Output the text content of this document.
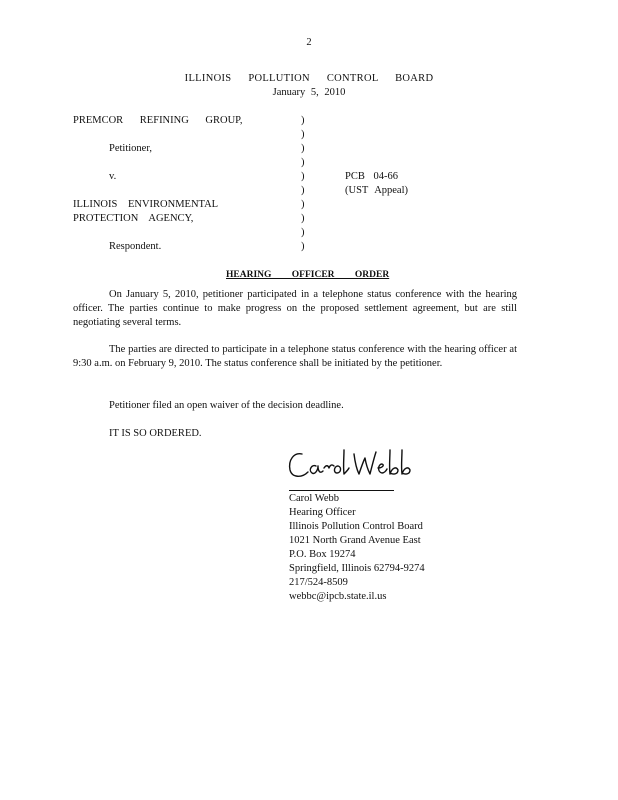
2
ILLINOIS POLLUTION CONTROL BOARD
January 5, 2010
PREMCOR REFINING GROUP,
Petitioner,
v.
ILLINOIS ENVIRONMENTAL
PROTECTION AGENCY,
Respondent.
)
)
)
)
)
)
)
)
)
)
PCB 04-66
(UST Appeal)
HEARING OFFICER ORDER

On January 5, 2010, petitioner participated in a telephone status conference with the hearing officer. The parties continue to make progress on the proposed settlement agreement, but are still negotiating several terms.

The parties are directed to participate in a telephone status conference with the hearing officer at 9:30 a.m. on February 9, 2010. The status conference shall be initiated by the petitioner.

Petitioner filed an open waiver of the decision deadline.

IT IS SO ORDERED.

Carol Webb
Hearing Officer
Illinois Pollution Control Board
1021 North Grand Avenue East
P.O. Box 19274
Springfield, Illinois 62794-9274
217/524-8509
webbc@ipcb.state.il.us
